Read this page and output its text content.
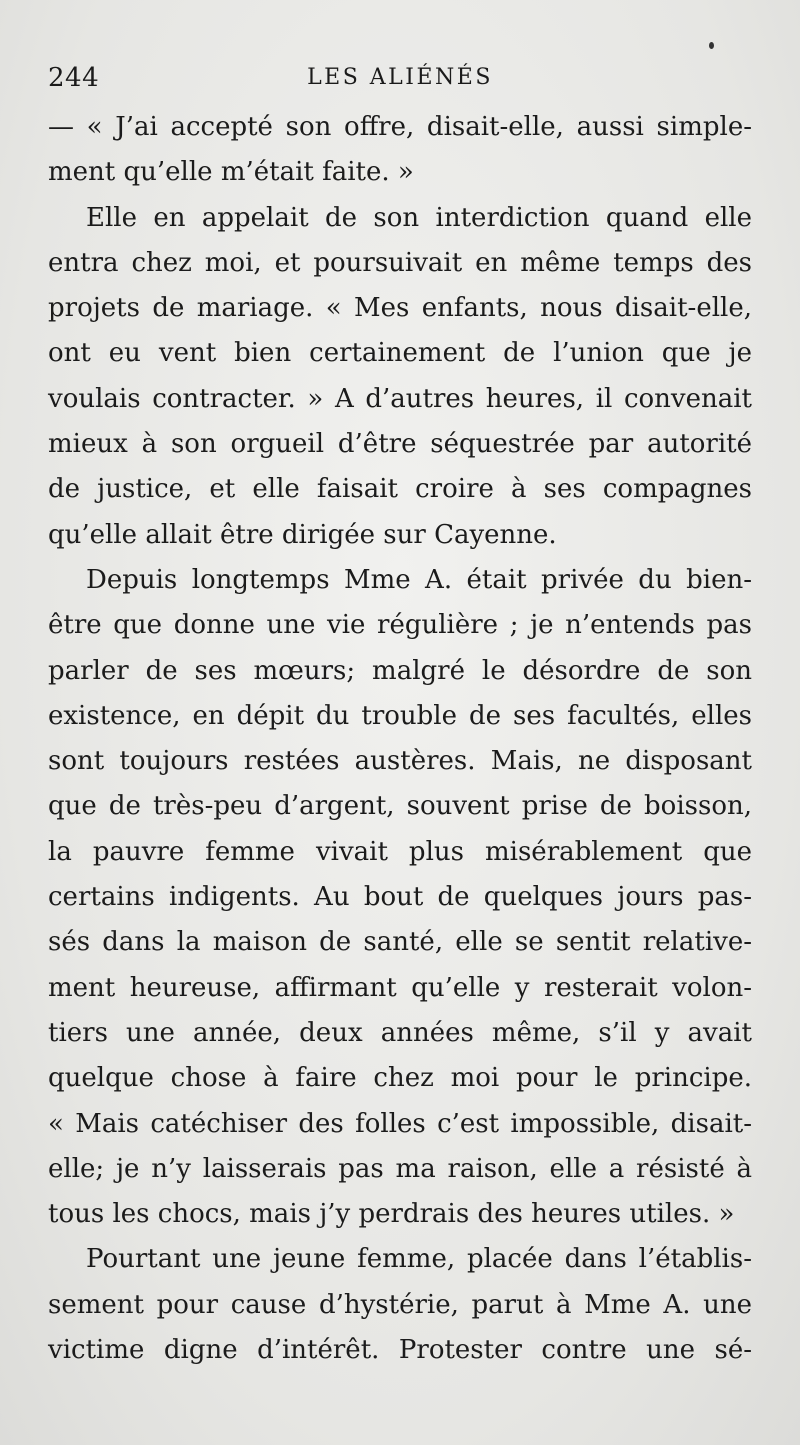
244	LES ALIÉNÉS
— « J’ai accepté son offre, disait-elle, aussi simple-
ment qu’elle m’était faite. »
Elle en appelait de son interdiction quand elle
entra chez moi, et poursuivait en même temps des
projets de mariage. « Mes enfants, nous disait-elle,
ont eu vent bien certainement de l’union que je
voulais contracter. » A d’autres heures, il convenait
mieux à son orgueil d’être séquestrée par autorité
de justice, et elle faisait croire à ses compagnes
qu’elle allait être dirigée sur Cayenne.
Depuis longtemps Mme A. était privée du bien-
être que donne une vie régulière ; je n’entends pas
parler de ses mœurs; malgré le désordre de son
existence, en dépit du trouble de ses facultés, elles
sont toujours restées austères. Mais, ne disposant
que de très-peu d’argent, souvent prise de boisson,
la pauvre femme vivait plus misérablement que
certains indigents. Au bout de quelques jours pas-
sés dans la maison de santé, elle se sentit relative-
ment heureuse, affirmant qu’elle y resterait volon-
tiers une année, deux années même, s’il y avait
quelque chose à faire chez moi pour le principe.
« Mais catéchiser des folles c’est impossible, disait-
elle; je n’y laisserais pas ma raison, elle a résisté à
tous les chocs, mais j’y perdrais des heures utiles. »
Pourtant une jeune femme, placée dans l’établis-
sement pour cause d’hystérie, parut à Mme A. une
victime digne d’intérêt. Protester contre une sé-
